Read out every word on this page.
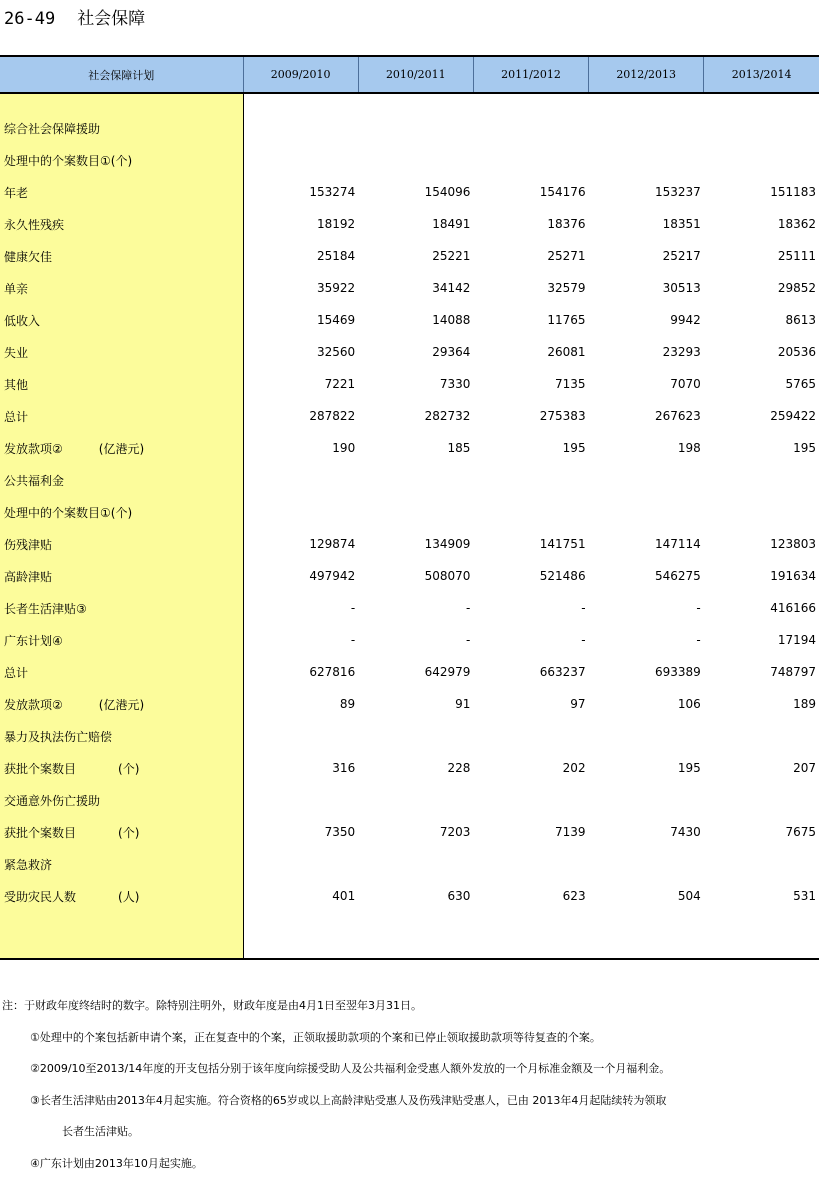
26-49 社会保障
社会保障计划	2009/2010	2010/2011	2011/2012	2012/2013	2013/2014

综合社会保障援助					
处理中的个案数目①(个)					
年老	153274	154096	154176	153237	151183
永久性残疾	18192	18491	18376	18351	18362
健康欠佳	25184	25221	25271	25217	25111
单亲	35922	34142	32579	30513	29852
低收入	15469	14088	11765	9942	8613
失业	32560	29364	26081	23293	20536
其他	7221	7330	7135	7070	5765
总计	287822	282732	275383	267623	259422
发放款项② (亿港元)	190	185	195	198	195
公共福利金					
处理中的个案数目①(个)					
伤残津贴	129874	134909	141751	147114	123803
高龄津贴	497942	508070	521486	546275	191634
长者生活津贴③	-	-	-	-	416166
广东计划④	-	-	-	-	17194
总计	627816	642979	663237	693389	748797
发放款项② (亿港元)	89	91	97	106	189
暴力及执法伤亡赔偿					
获批个案数目 (个)	316	228	202	195	207
交通意外伤亡援助					
获批个案数目 (个)	7350	7203	7139	7430	7675
紧急救济					
受助灾民人数 (人)	401	630	623	504	531

注：于财政年度终结时的数字。除特别注明外，财政年度是由4月1日至翌年3月31日。
①处理中的个案包括新申请个案，正在复查中的个案，正领取援助款项的个案和已停止领取援助款项等待复查的个案。
②2009/10至2013/14年度的开支包括分别于该年度向综援受助人及公共福利金受惠人额外发放的一个月标准金额及一个月福利金。
③长者生活津贴由2013年4月起实施。符合资格的65岁或以上高龄津贴受惠人及伤残津贴受惠人，已由 2013年4月起陆续转为领取
长者生活津贴。
④广东计划由2013年10月起实施。
